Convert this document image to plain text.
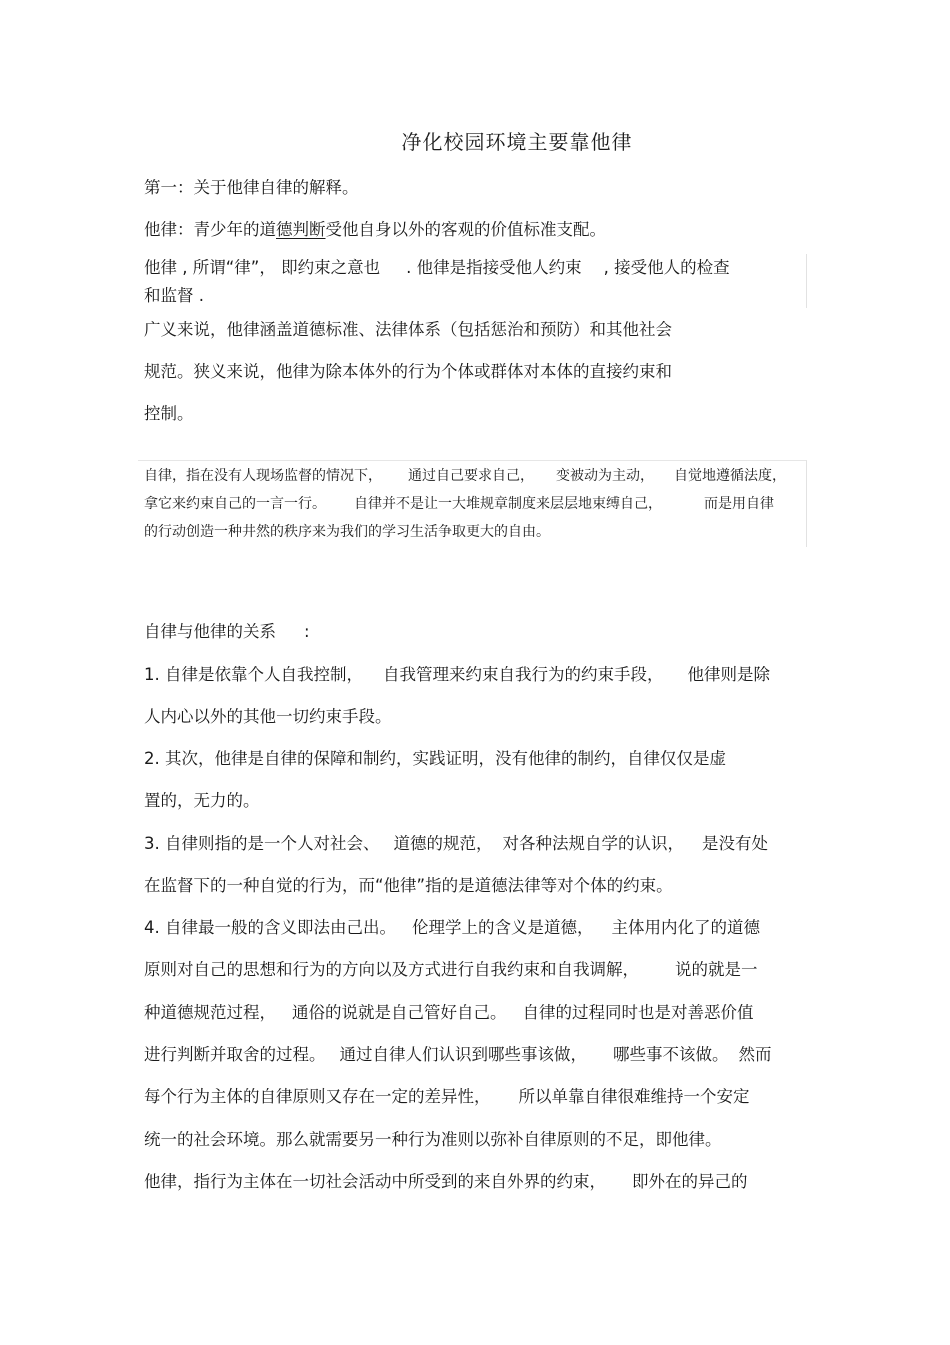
净化校园环境主要靠他律
第一：关于他律自律的解释。
他律：青少年的道德判断受他自身以外的客观的价值标准支配。
他律 , 所谓“律”， 即约束之意也 . 他律是指接受他人约束 , 接受他人的检查
和监督 .
广义来说，他律涵盖道德标准、法律体系（包括惩治和预防）和其他社会
规范。狭义来说，他律为除本体外的行为个体或群体对本体的直接约束和
控制。
自律，指在没有人现场监督的情况下， 通过自己要求自己， 变被动为主动， 自觉地遵循法度，
拿它来约束自己的一言一行。 自律并不是让一大堆规章制度来层层地束缚自己，	而是用自律
的行动创造一种井然的秩序来为我们的学习生活争取更大的自由。
自律与他律的关系 :
1. 自律是依靠个人自我控制， 自我管理来约束自我行为的约束手段， 他律则是除
人内心以外的其他一切约束手段。
2. 其次，他律是自律的保障和制约，实践证明，没有他律的制约，自律仅仅是虚
置的，无力的。
3. 自律则指的是一个人对社会、 道德的规范， 对各种法规自学的认识， 是没有处
在监督下的一种自觉的行为，而“他律”指的是道德法律等对个体的约束。
4. 自律最一般的含义即法由己出。 伦理学上的含义是道德， 主体用内化了的道德
原则对自己的思想和行为的方向以及方式进行自我约束和自我调解， 说的就是一
种道德规范过程， 通俗的说就是自己管好自己。 自律的过程同时也是对善恶价值
进行判断并取舍的过程。 通过自律人们认识到哪些事该做， 哪些事不该做。 然而
每个行为主体的自律原则又存在一定的差异性， 所以单靠自律很难维持一个安定
统一的社会环境。那么就需要另一种行为准则以弥补自律原则的不足，即他律。
他律，指行为主体在一切社会活动中所受到的来自外界的约束， 即外在的异己的
